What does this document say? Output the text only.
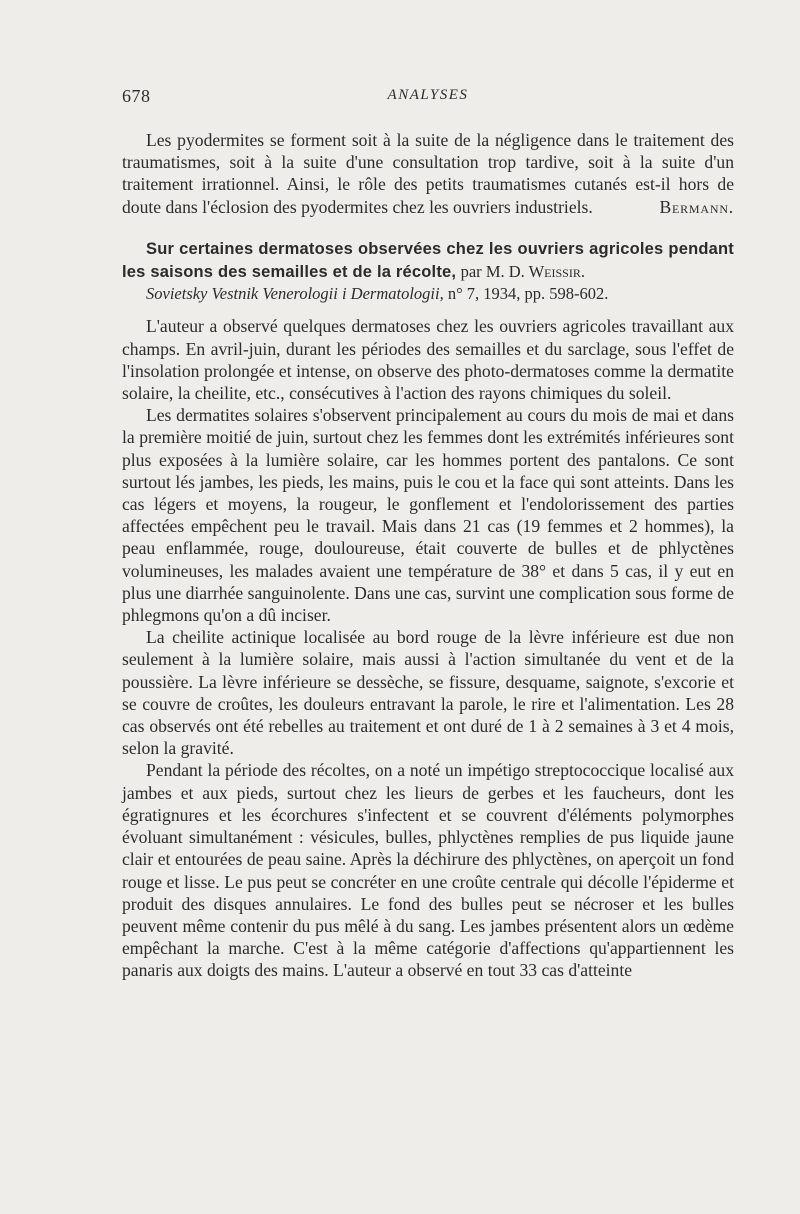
678	ANALYSES

Les pyodermites se forment soit à la suite de la négligence dans le traitement des traumatismes, soit à la suite d'une consultation trop tardive, soit à la suite d'un traitement irrationnel. Ainsi, le rôle des petits traumatismes cutanés est-il hors de doute dans l'éclosion des pyodermites chez les ouvriers industriels.	Bermann.

Sur certaines dermatoses observées chez les ouvriers agricoles pendant les saisons des semailles et de la récolte, par M. D. Weissir.
Sovietsky Vestnik Venerologii i Dermatologii, n° 7, 1934, pp. 598-602.

L'auteur a observé quelques dermatoses chez les ouvriers agricoles travaillant aux champs. En avril-juin, durant les périodes des semailles et du sarclage, sous l'effet de l'insolation prolongée et intense, on observe des photo-dermatoses comme la dermatite solaire, la cheilite, etc., consécutives à l'action des rayons chimiques du soleil.

Les dermatites solaires s'observent principalement au cours du mois de mai et dans la première moitié de juin, surtout chez les femmes dont les extrémités inférieures sont plus exposées à la lumière solaire, car les hommes portent des pantalons. Ce sont surtout lés jambes, les pieds, les mains, puis le cou et la face qui sont atteints. Dans les cas légers et moyens, la rougeur, le gonflement et l'endolorissement des parties affectées empêchent peu le travail. Mais dans 21 cas (19 femmes et 2 hommes), la peau enflammée, rouge, douloureuse, était couverte de bulles et de phlyctènes volumineuses, les malades avaient une température de 38° et dans 5 cas, il y eut en plus une diarrhée sanguinolente. Dans une cas, survint une complication sous forme de phlegmons qu'on a dû inciser.

La cheilite actinique localisée au bord rouge de la lèvre inférieure est due non seulement à la lumière solaire, mais aussi à l'action simultanée du vent et de la poussière. La lèvre inférieure se dessèche, se fissure, desquame, saignote, s'excorie et se couvre de croûtes, les douleurs entravant la parole, le rire et l'alimentation. Les 28 cas observés ont été rebelles au traitement et ont duré de 1 à 2 semaines à 3 et 4 mois, selon la gravité.

Pendant la période des récoltes, on a noté un impétigo streptococcique localisé aux jambes et aux pieds, surtout chez les lieurs de gerbes et les faucheurs, dont les égratignures et les écorchures s'infectent et se couvrent d'éléments polymorphes évoluant simultanément : vésicules, bulles, phlyctènes remplies de pus liquide jaune clair et entourées de peau saine. Après la déchirure des phlyctènes, on aperçoit un fond rouge et lisse. Le pus peut se concréter en une croûte centrale qui décolle l'épiderme et produit des disques annulaires. Le fond des bulles peut se nécroser et les bulles peuvent même contenir du pus mêlé à du sang. Les jambes présentent alors un œdème empêchant la marche. C'est à la même catégorie d'affections qu'appartiennent les panaris aux doigts des mains. L'auteur a observé en tout 33 cas d'atteinte
